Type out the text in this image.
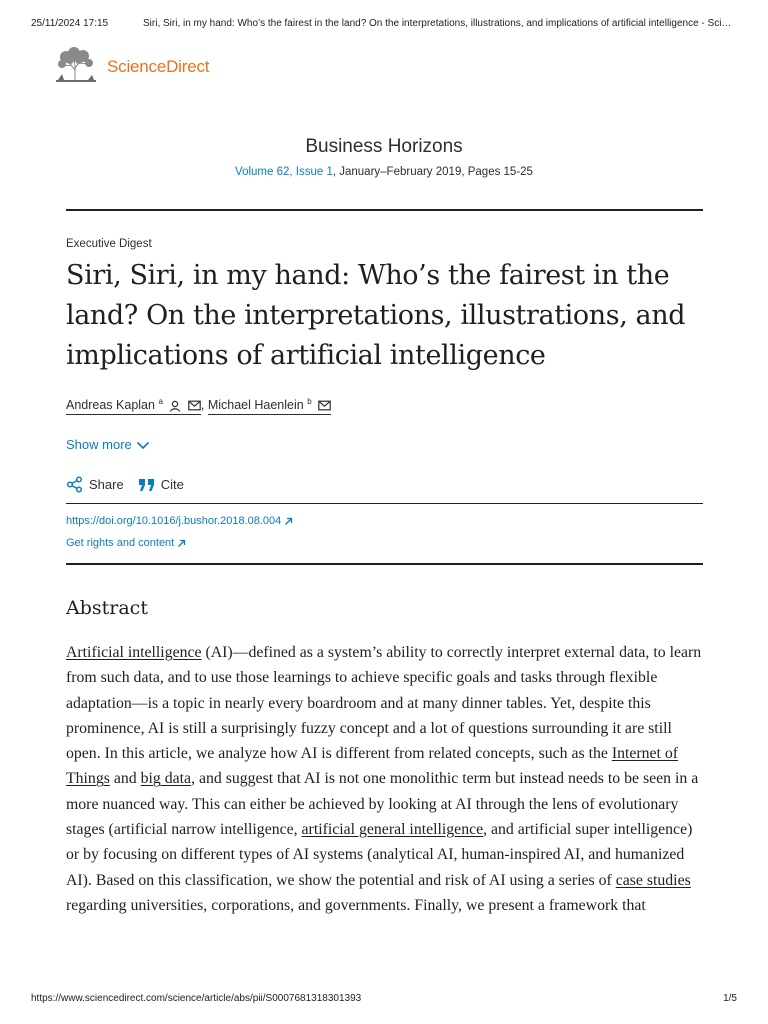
25/11/2024 17:15	Siri, Siri, in my hand: Who’s the fairest in the land? On the interpretations, illustrations, and implications of artificial intelligence - Sci…
ScienceDirect
Business Horizons
Volume 62, Issue 1, January–February 2019, Pages 15-25
Executive Digest
Siri, Siri, in my hand: Who’s the fairest in the land? On the interpretations, illustrations, and implications of artificial intelligence
Andreas Kaplan $^a$	, Michael Haenlein $^b$
Show more
Share	Cite
https://doi.org/10.1016/j.bushor.2018.08.004
Get rights and content
Abstract
Artificial intelligence (AI)—defined as a system’s ability to correctly interpret external data, to learn from such data, and to use those learnings to achieve specific goals and tasks through flexible adaptation—is a topic in nearly every boardroom and at many dinner tables. Yet, despite this prominence, AI is still a surprisingly fuzzy concept and a lot of questions surrounding it are still open. In this article, we analyze how AI is different from related concepts, such as the Internet of Things and big data, and suggest that AI is not one monolithic term but instead needs to be seen in a more nuanced way. This can either be achieved by looking at AI through the lens of evolutionary stages (artificial narrow intelligence, artificial general intelligence, and artificial super intelligence) or by focusing on different types of AI systems (analytical AI, human-inspired AI, and humanized AI). Based on this classification, we show the potential and risk of AI using a series of case studies regarding universities, corporations, and governments. Finally, we present a framework that
https://www.sciencedirect.com/science/article/abs/pii/S0007681318301393	1/5
